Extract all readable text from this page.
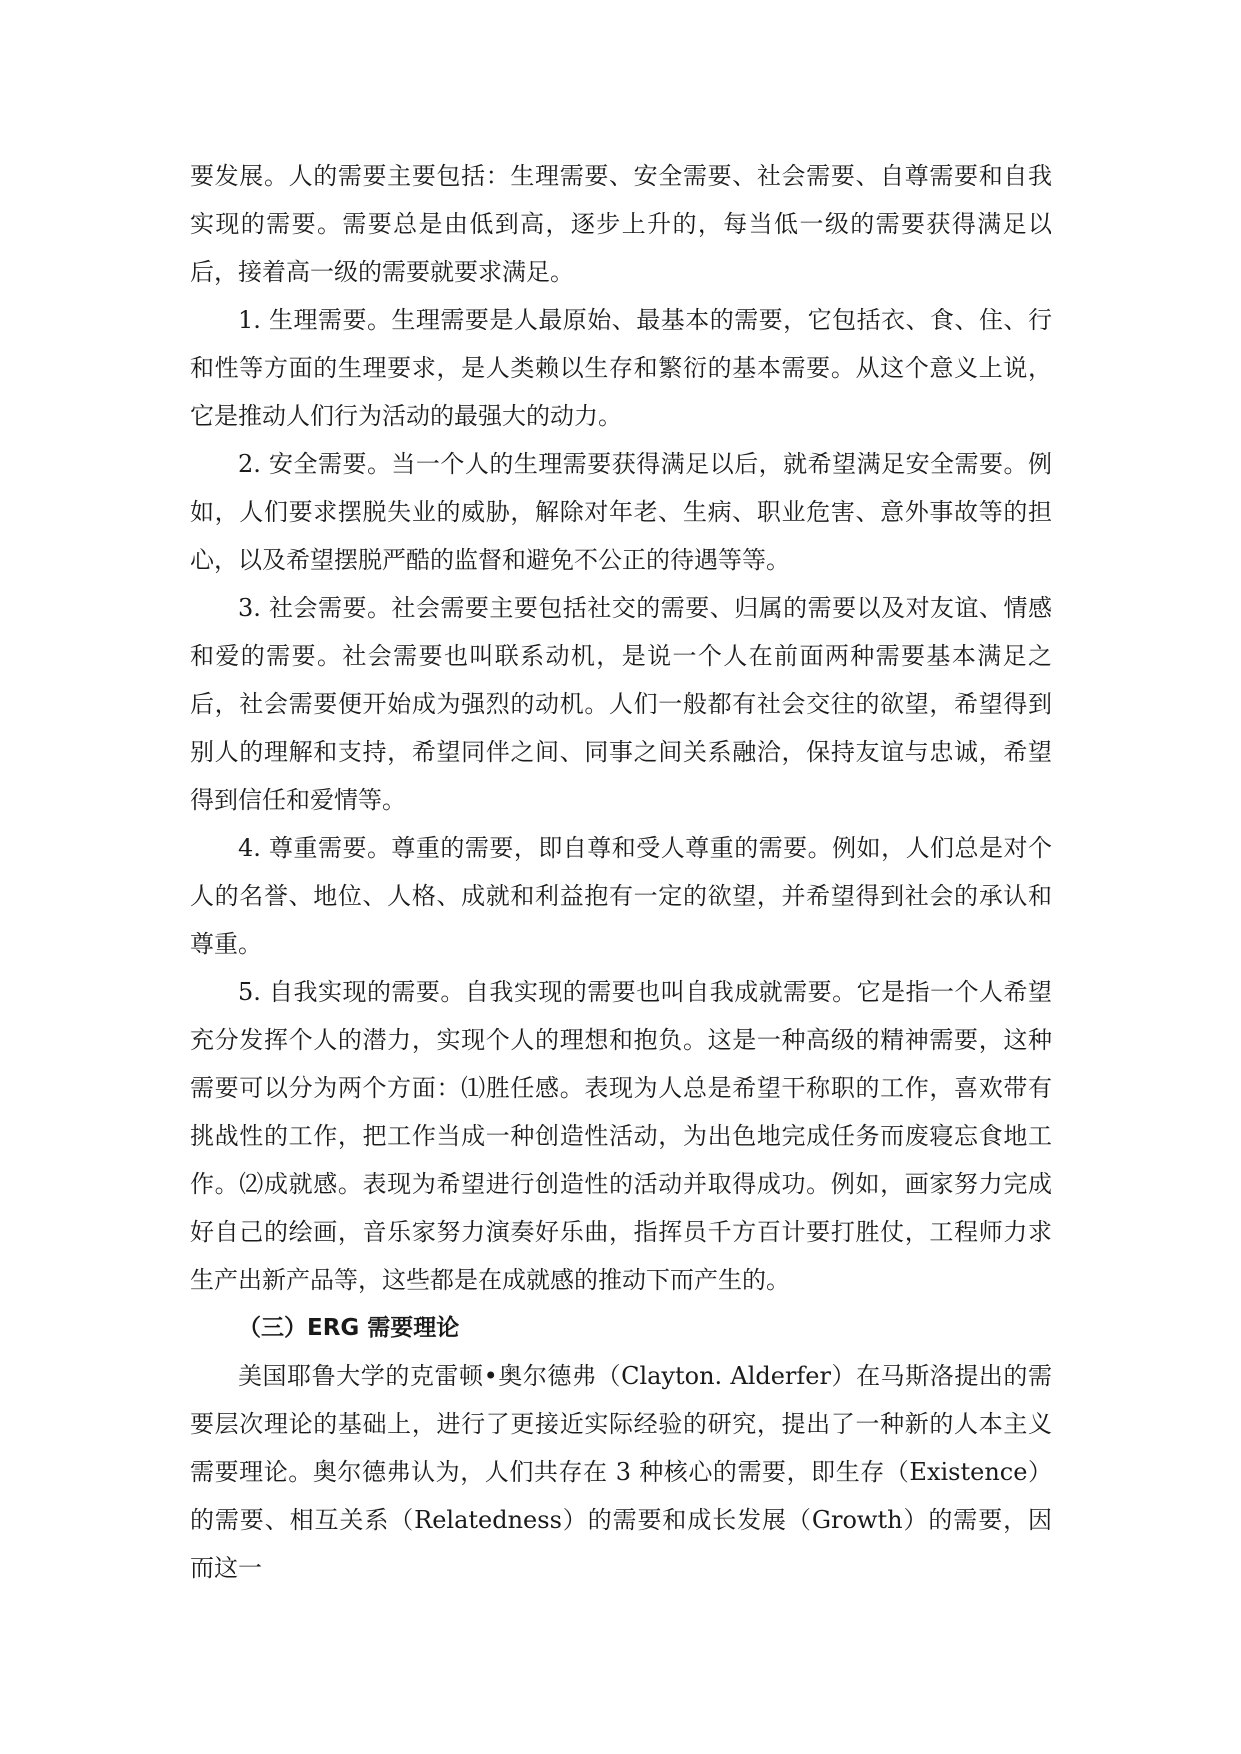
要发展。人的需要主要包括：生理需要、安全需要、社会需要、自尊需要和自我实现的需要。需要总是由低到高，逐步上升的，每当低一级的需要获得满足以后，接着高一级的需要就要求满足。

1. 生理需要。生理需要是人最原始、最基本的需要，它包括衣、食、住、行和性等方面的生理要求，是人类赖以生存和繁衍的基本需要。从这个意义上说，它是推动人们行为活动的最强大的动力。

2. 安全需要。当一个人的生理需要获得满足以后，就希望满足安全需要。例如，人们要求摆脱失业的威胁，解除对年老、生病、职业危害、意外事故等的担心，以及希望摆脱严酷的监督和避免不公正的待遇等等。

3. 社会需要。社会需要主要包括社交的需要、归属的需要以及对友谊、情感和爱的需要。社会需要也叫联系动机，是说一个人在前面两种需要基本满足之后，社会需要便开始成为强烈的动机。人们一般都有社会交往的欲望，希望得到别人的理解和支持，希望同伴之间、同事之间关系融洽，保持友谊与忠诚，希望得到信任和爱情等。

4. 尊重需要。尊重的需要，即自尊和受人尊重的需要。例如，人们总是对个人的名誉、地位、人格、成就和利益抱有一定的欲望，并希望得到社会的承认和尊重。

5. 自我实现的需要。自我实现的需要也叫自我成就需要。它是指一个人希望充分发挥个人的潜力，实现个人的理想和抱负。这是一种高级的精神需要，这种需要可以分为两个方面：⑴胜任感。表现为人总是希望干称职的工作，喜欢带有挑战性的工作，把工作当成一种创造性活动，为出色地完成任务而废寝忘食地工作。⑵成就感。表现为希望进行创造性的活动并取得成功。例如，画家努力完成好自己的绘画，音乐家努力演奏好乐曲，指挥员千方百计要打胜仗，工程师力求生产出新产品等，这些都是在成就感的推动下而产生的。

（三）ERG 需要理论

美国耶鲁大学的克雷顿•奥尔德弗（Clayton. Alderfer）在马斯洛提出的需要层次理论的基础上，进行了更接近实际经验的研究，提出了一种新的人本主义需要理论。奥尔德弗认为，人们共存在 3 种核心的需要，即生存（Existence）的需要、相互关系（Relatedness）的需要和成长发展（Growth）的需要，因而这一
